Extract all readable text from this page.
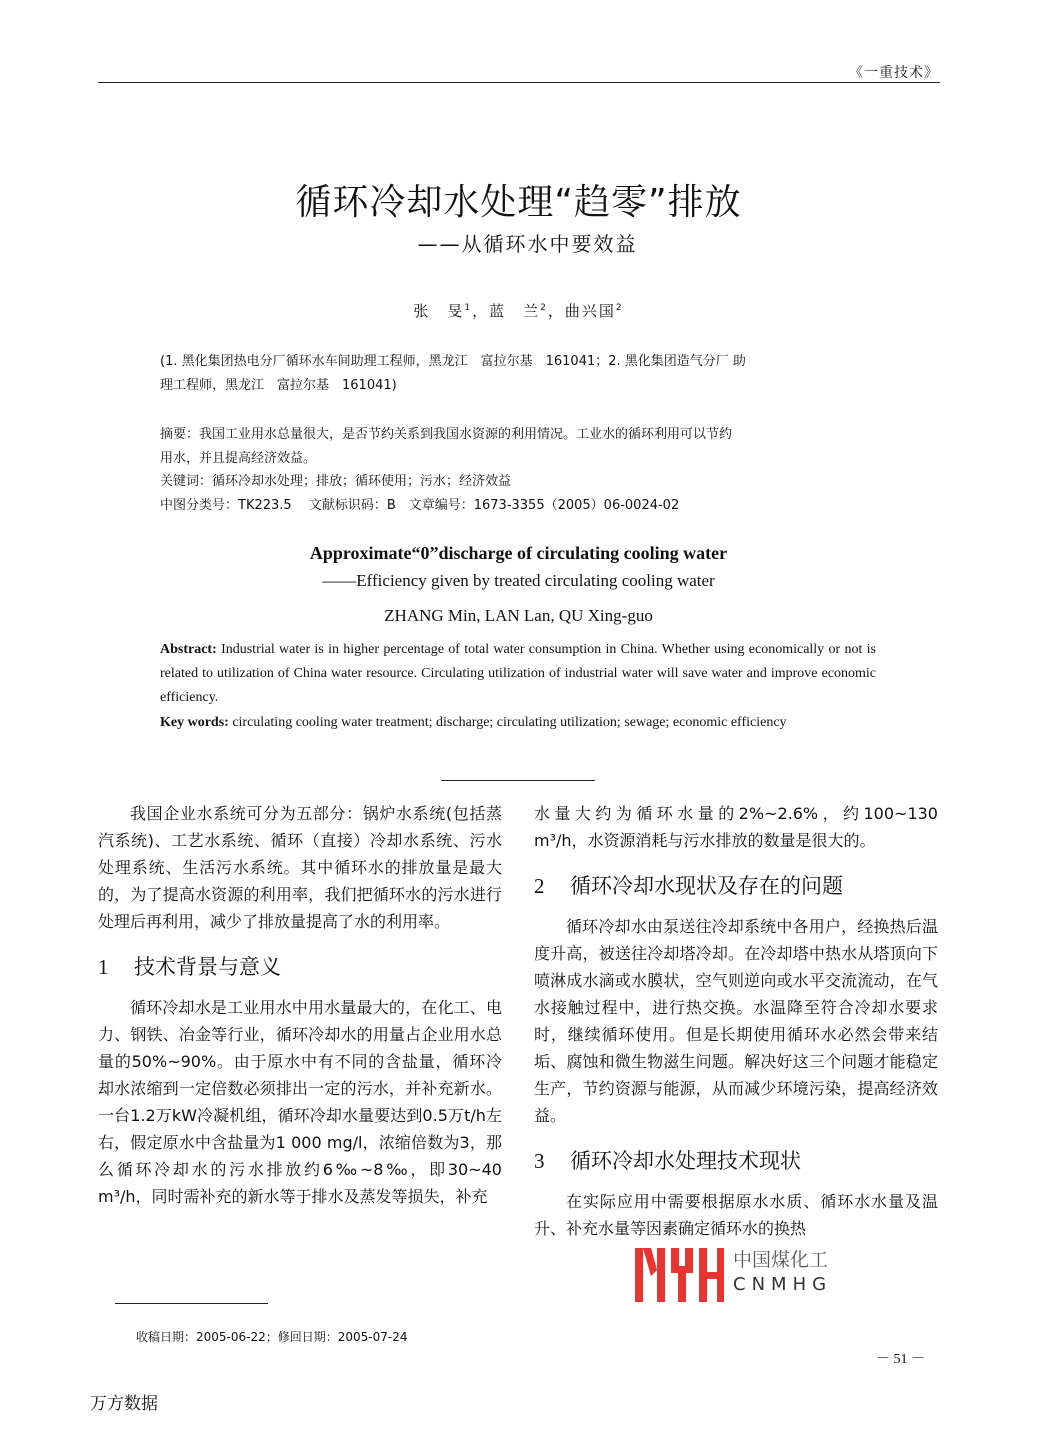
《一重技术》
循环冷却水处理“趋零”排放
——从循环水中要效益
张　旻$^1$，蓝　兰$^2$，曲兴国$^2$
(1. 黑化集团热电分厂循环水车间助理工程师，黑龙江　富拉尔基　161041；2. 黑化集团造气分厂 助
理工程师，黑龙江　富拉尔基　161041)
摘要：我国工业用水总量很大，是否节约关系到我国水资源的利用情况。工业水的循环利用可以节约
用水，并且提高经济效益。
关键词：循环冷却水处理；排放；循环使用；污水；经济效益
中图分类号：TK223.5　 文献标识码：B　文章编号：1673-3355（2005）06-0024-02
Approximate“0”discharge of circulating cooling water
——Efficiency given by treated circulating cooling water
ZHANG Min, LAN Lan, QU Xing-guo
Abstract: Industrial water is in higher percentage of total water consumption in China. Whether using economically or not is related to utilization of China water resource. Circulating utilization of industrial water will save water and improve economic efficiency.
Key words: circulating cooling water treatment; discharge; circulating utilization; sewage; economic efficiency

我国企业水系统可分为五部分：锅炉水系统(包括蒸汽系统)、工艺水系统、循环（直接）冷却水系统、污水处理系统、生活污水系统。其中循环水的排放量是最大的，为了提高水资源的利用率，我们把循环水的污水进行处理后再利用，减少了排放量提高了水的利用率。

1 技术背景与意义

循环冷却水是工业用水中用水量最大的，在化工、电力、钢铁、冶金等行业，循环冷却水的用量占企业用水总量的50%~90%。由于原水中有不同的含盐量，循环冷却水浓缩到一定倍数必须排出一定的污水，并补充新水。一台1.2万kW冷凝机组，循环冷却水量要达到0.5万t/h左右，假定原水中含盐量为1 000 mg/l，浓缩倍数为3，那么循环冷却水的污水排放约6‰~8‰，即30~40 m³/h，同时需补充的新水等于排水及蒸发等损失，补充

水量大约为循环水量的2%~2.6%，约100~130 m³/h，水资源消耗与污水排放的数量是很大的。

2 循环冷却水现状及存在的问题

循环冷却水由泵送往冷却系统中各用户，经换热后温度升高，被送往冷却塔冷却。在冷却塔中热水从塔顶向下喷淋成水滴或水膜状，空气则逆向或水平交流流动，在气水接触过程中，进行热交换。水温降至符合冷却水要求时，继续循环使用。但是长期使用循环水必然会带来结垢、腐蚀和微生物滋生问题。解决好这三个问题才能稳定生产，节约资源与能源，从而减少环境污染，提高经济效益。

3 循环冷却水处理技术现状

在实际应用中需要根据原水水质、循环水水量及温升、补充水量等因素确定循环水的换热

中国煤化工
CNMHG
收稿日期：2005-06-22；修回日期：2005-07-24
－ 51 －
万方数据
